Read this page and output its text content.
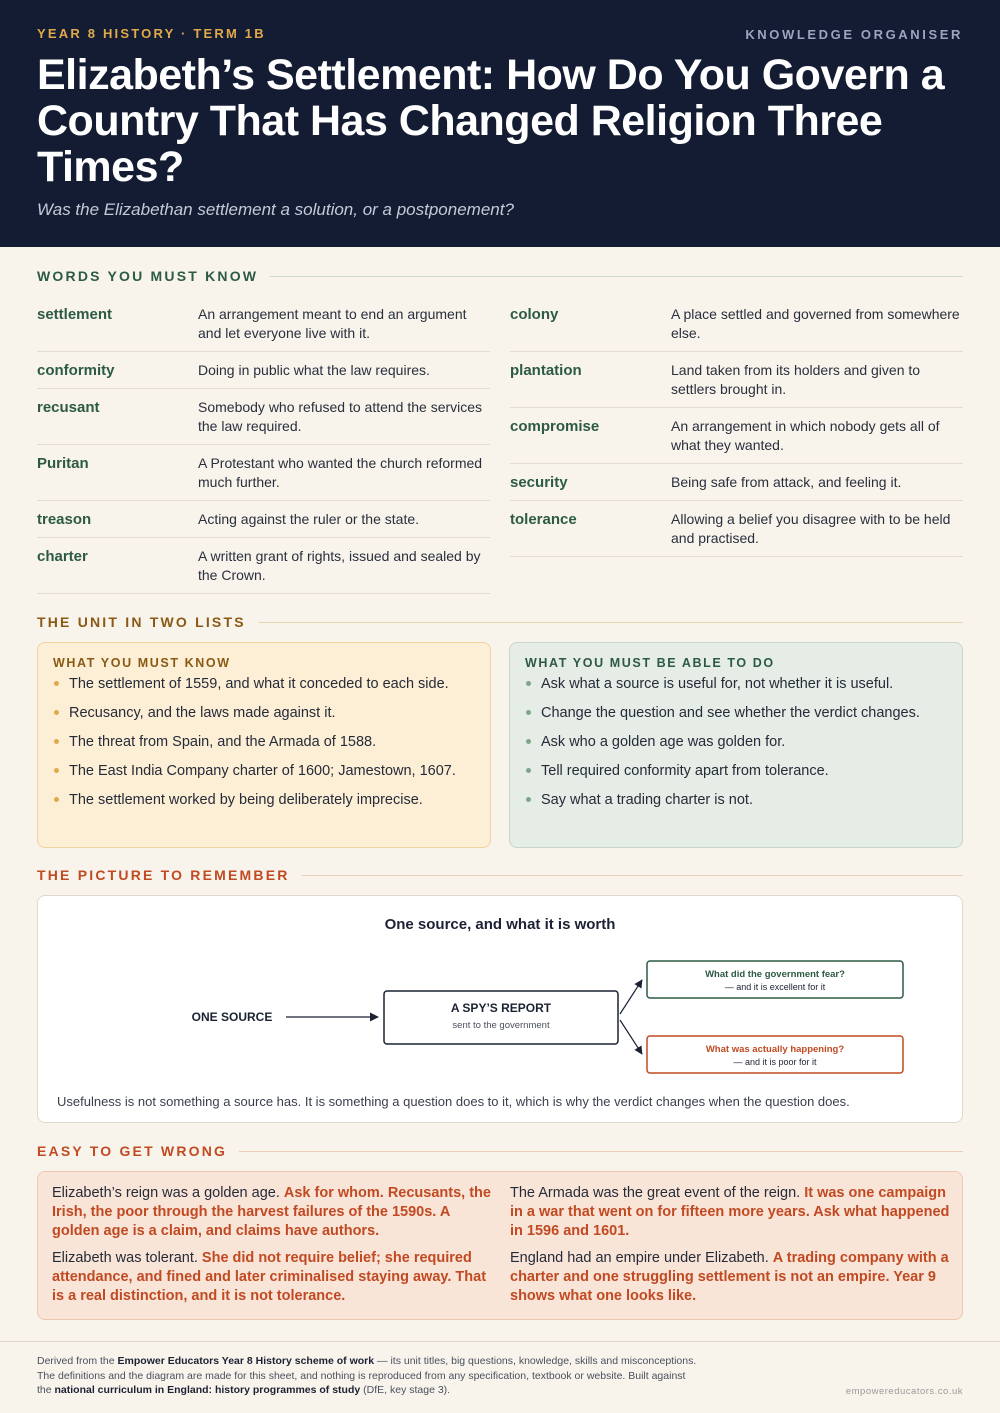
YEAR 8 HISTORY · TERM 1B	KNOWLEDGE ORGANISER
Elizabeth’s Settlement: How Do You Govern a Country That Has Changed Religion Three Times?
Was the Elizabethan settlement a solution, or a postponement?
WORDS YOU MUST KNOW
settlement	An arrangement meant to end an argument and let everyone live with it.
conformity	Doing in public what the law requires.
recusant	Somebody who refused to attend the services the law required.
Puritan	A Protestant who wanted the church reformed much further.
treason	Acting against the ruler or the state.
charter	A written grant of rights, issued and sealed by the Crown.
colony	A place settled and governed from somewhere else.
plantation	Land taken from its holders and given to settlers brought in.
compromise	An arrangement in which nobody gets all of what they wanted.
security	Being safe from attack, and feeling it.
tolerance	Allowing a belief you disagree with to be held and practised.
THE UNIT IN TWO LISTS
WHAT YOU MUST KNOW
The settlement of 1559, and what it conceded to each side.
Recusancy, and the laws made against it.
The threat from Spain, and the Armada of 1588.
The East India Company charter of 1600; Jamestown, 1607.
The settlement worked by being deliberately imprecise.
WHAT YOU MUST BE ABLE TO DO
Ask what a source is useful for, not whether it is useful.
Change the question and see whether the verdict changes.
Ask who a golden age was golden for.
Tell required conformity apart from tolerance.
Say what a trading charter is not.
THE PICTURE TO REMEMBER
One source, and what it is worth
ONE SOURCE
A SPY’S REPORT
sent to the government
What did the government fear?
— and it is excellent for it
What was actually happening?
— and it is poor for it
Usefulness is not something a source has. It is something a question does to it, which is why the verdict changes when the question does.
EASY TO GET WRONG

Elizabeth’s reign was a golden age. Ask for whom. Recusants, the Irish, the poor through the harvest failures of the 1590s. A golden age is a claim, and claims have authors.

Elizabeth was tolerant. She did not require belief; she required attendance, and fined and later criminalised staying away. That is a real distinction, and it is not tolerance.

The Armada was the great event of the reign. It was one campaign in a war that went on for fifteen more years. Ask what happened in 1596 and 1601.

England had an empire under Elizabeth. A trading company with a charter and one struggling settlement is not an empire. Year 9 shows what one looks like.

Derived from the Empower Educators Year 8 History scheme of work — its unit titles, big questions, knowledge, skills and misconceptions.
The definitions and the diagram are made for this sheet, and nothing is reproduced from any specification, textbook or website. Built against
the national curriculum in England: history programmes of study (DfE, key stage 3).	empowereducators.co.uk
